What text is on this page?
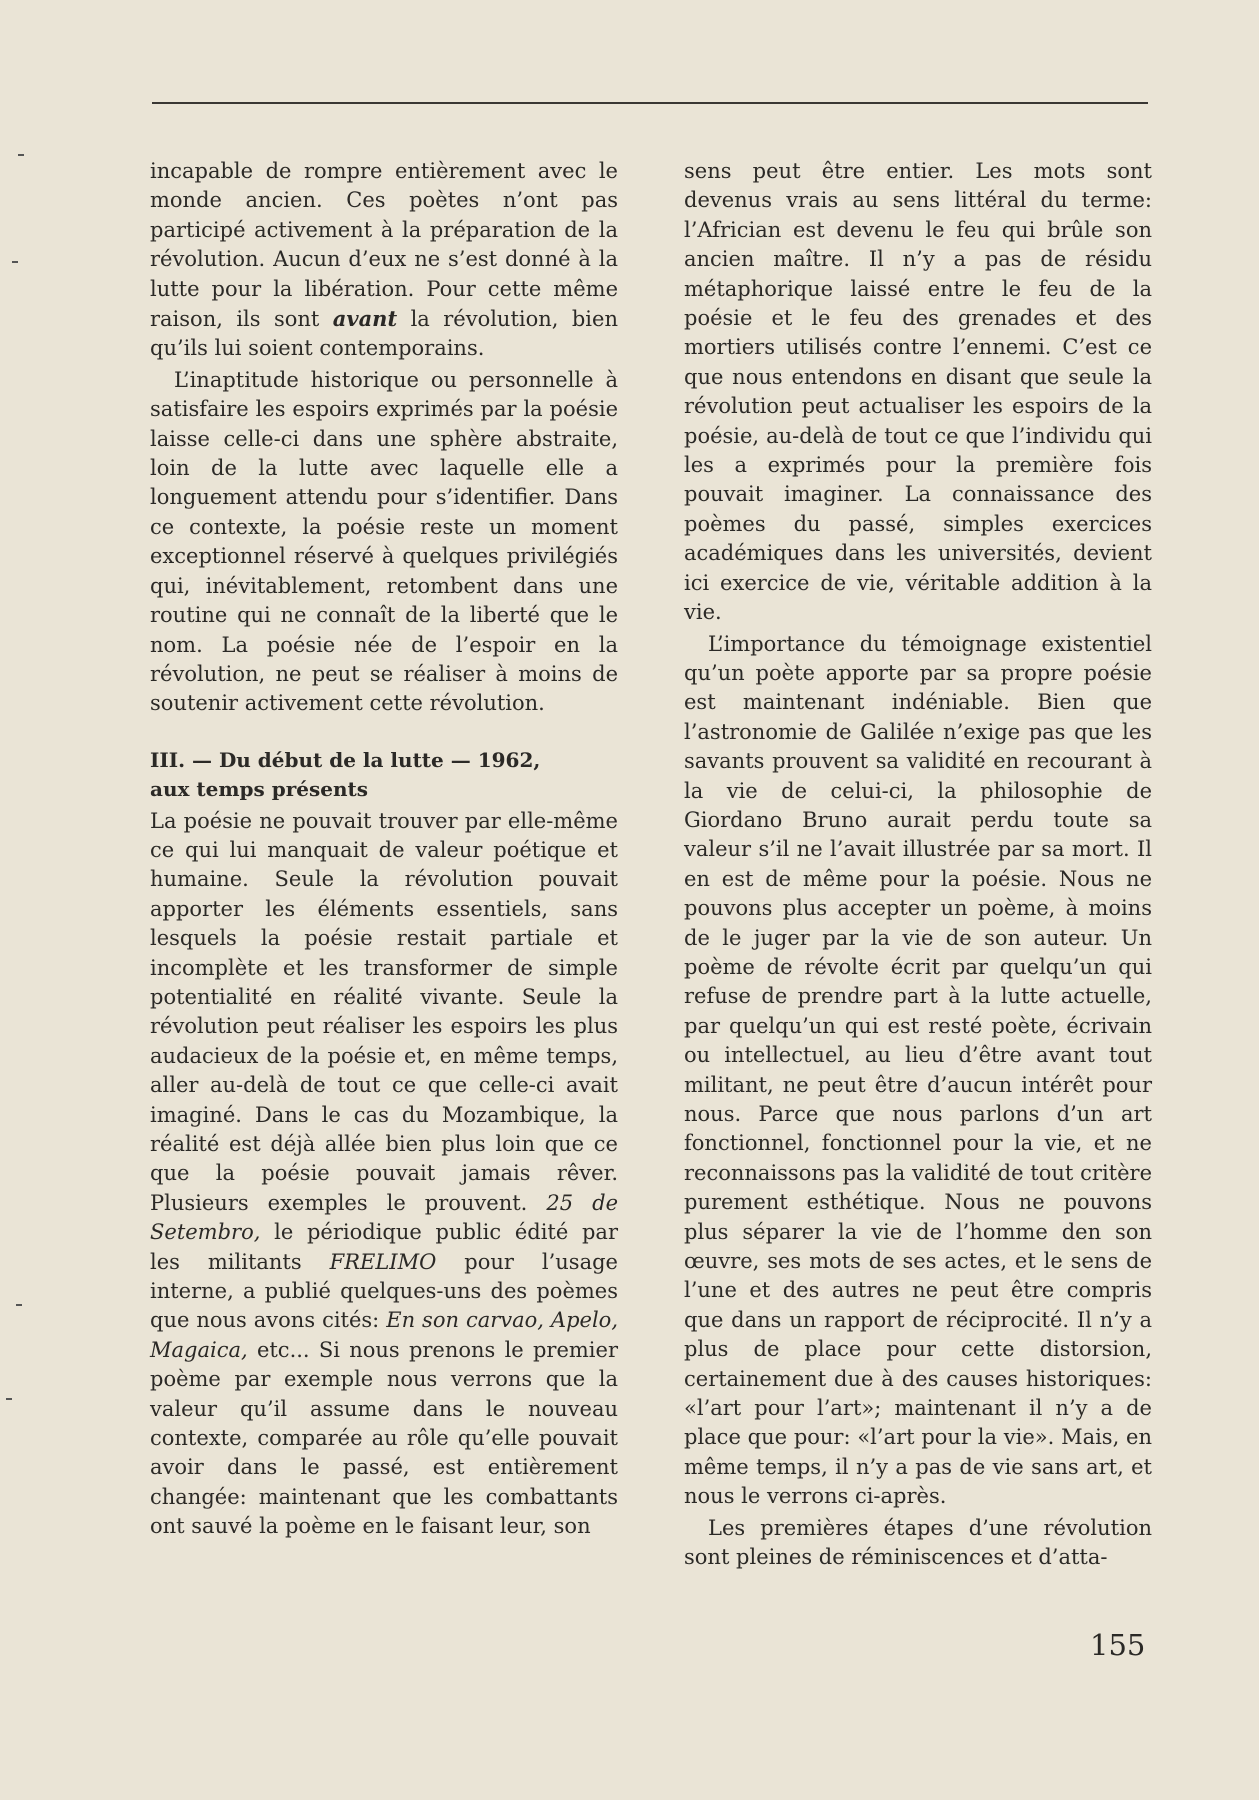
incapable de rompre entièrement avec le monde ancien. Ces poètes n’ont pas participé activement à la préparation de la révolution. Aucun d’eux ne s’est donné à la lutte pour la libération. Pour cette même raison, ils sont avant la révolution, bien qu’ils lui soient contemporains.

L’inaptitude historique ou personnelle à satisfaire les espoirs exprimés par la poésie laisse celle-ci dans une sphère abstraite, loin de la lutte avec laquelle elle a longuement attendu pour s’identifier. Dans ce contexte, la poésie reste un moment exceptionnel réservé à quelques privilégiés qui, inévitablement, retombent dans une routine qui ne connaît de la liberté que le nom. La poésie née de l’espoir en la révolution, ne peut se réaliser à moins de soutenir activement cette révolution.

III. — Du début de la lutte — 1962,
aux temps présents

La poésie ne pouvait trouver par elle-même ce qui lui manquait de valeur poétique et humaine. Seule la révolution pouvait apporter les éléments essentiels, sans lesquels la poésie restait partiale et incomplète et les transformer de simple potentialité en réalité vivante. Seule la révolution peut réaliser les espoirs les plus audacieux de la poésie et, en même temps, aller au-delà de tout ce que celle-ci avait imaginé. Dans le cas du Mozambique, la réalité est déjà allée bien plus loin que ce que la poésie pouvait jamais rêver. Plusieurs exemples le prouvent. 25 de Setembro, le périodique public édité par les militants FRELIMO pour l’usage interne, a publié quelques-uns des poèmes que nous avons cités: En son carvao, Apelo, Magaica, etc... Si nous prenons le premier poème par exemple nous verrons que la valeur qu’il assume dans le nouveau contexte, comparée au rôle qu’elle pouvait avoir dans le passé, est entièrement changée: maintenant que les combattants ont sauvé la poème en le faisant leur, son

sens peut être entier. Les mots sont devenus vrais au sens littéral du terme: l’Africian est devenu le feu qui brûle son ancien maître. Il n’y a pas de résidu métaphorique laissé entre le feu de la poésie et le feu des grenades et des mortiers utilisés contre l’ennemi. C’est ce que nous entendons en disant que seule la révolution peut actualiser les espoirs de la poésie, au-delà de tout ce que l’individu qui les a exprimés pour la première fois pouvait imaginer. La connaissance des poèmes du passé, simples exercices académiques dans les universités, devient ici exercice de vie, véritable addition à la vie.

L’importance du témoignage existentiel qu’un poète apporte par sa propre poésie est maintenant indéniable. Bien que l’astronomie de Galilée n’exige pas que les savants prouvent sa validité en recourant à la vie de celui-ci, la philosophie de Giordano Bruno aurait perdu toute sa valeur s’il ne l’avait illustrée par sa mort. Il en est de même pour la poésie. Nous ne pouvons plus accepter un poème, à moins de le juger par la vie de son auteur. Un poème de révolte écrit par quelqu’un qui refuse de prendre part à la lutte actuelle, par quelqu’un qui est resté poète, écrivain ou intellectuel, au lieu d’être avant tout militant, ne peut être d’aucun intérêt pour nous. Parce que nous parlons d’un art fonctionnel, fonctionnel pour la vie, et ne reconnaissons pas la validité de tout critère purement esthétique. Nous ne pouvons plus séparer la vie de l’homme den son œuvre, ses mots de ses actes, et le sens de l’une et des autres ne peut être compris que dans un rapport de réciprocité. Il n’y a plus de place pour cette distorsion, certainement due à des causes historiques: «l’art pour l’art»; maintenant il n’y a de place que pour: «l’art pour la vie». Mais, en même temps, il n’y a pas de vie sans art, et nous le verrons ci-après.

Les premières étapes d’une révolution sont pleines de réminiscences et d’atta-

155
